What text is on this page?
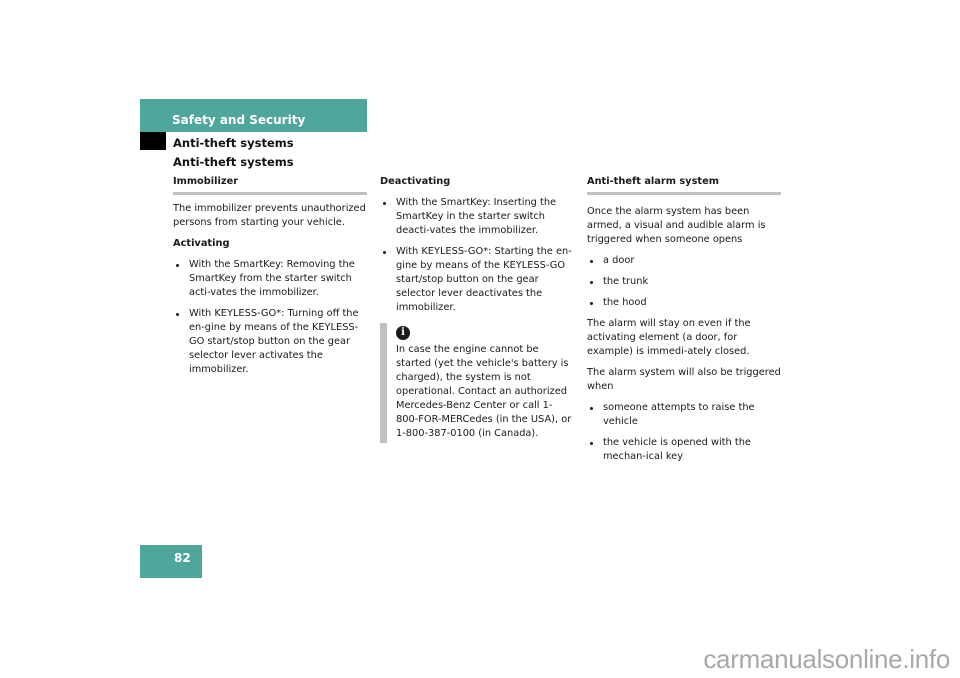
Safety and Security
Anti-theft systems
Anti-theft systems
Immobilizer

The immobilizer prevents unauthorized persons from starting your vehicle.

Activating

With the SmartKey: Removing the SmartKey from the starter switch acti-vates the immobilizer.
With KEYLESS-GO*: Turning off the en-gine by means of the KEYLESS-GO start/stop button on the gear selector lever activates the immobilizer.

Deactivating

With the SmartKey: Inserting the SmartKey in the starter switch deacti-vates the immobilizer.
With KEYLESS-GO*: Starting the en-gine by means of the KEYLESS-GO start/stop button on the gear selector lever deactivates the immobilizer.
i
In case the engine cannot be started (yet the vehicle's battery is charged), the system is not operational. Contact an authorized Mercedes-Benz Center or call 1-800-FOR-MERCedes (in the USA), or 1-800-387-0100 (in Canada).
Anti-theft alarm system

Once the alarm system has been armed, a visual and audible alarm is triggered when someone opens

a door
the trunk
the hood

The alarm will stay on even if the activating element (a door, for example) is immedi-ately closed.

The alarm system will also be triggered when

someone attempts to raise the vehicle
the vehicle is opened with the mechan-ical key
82
carmanualsonline.info
